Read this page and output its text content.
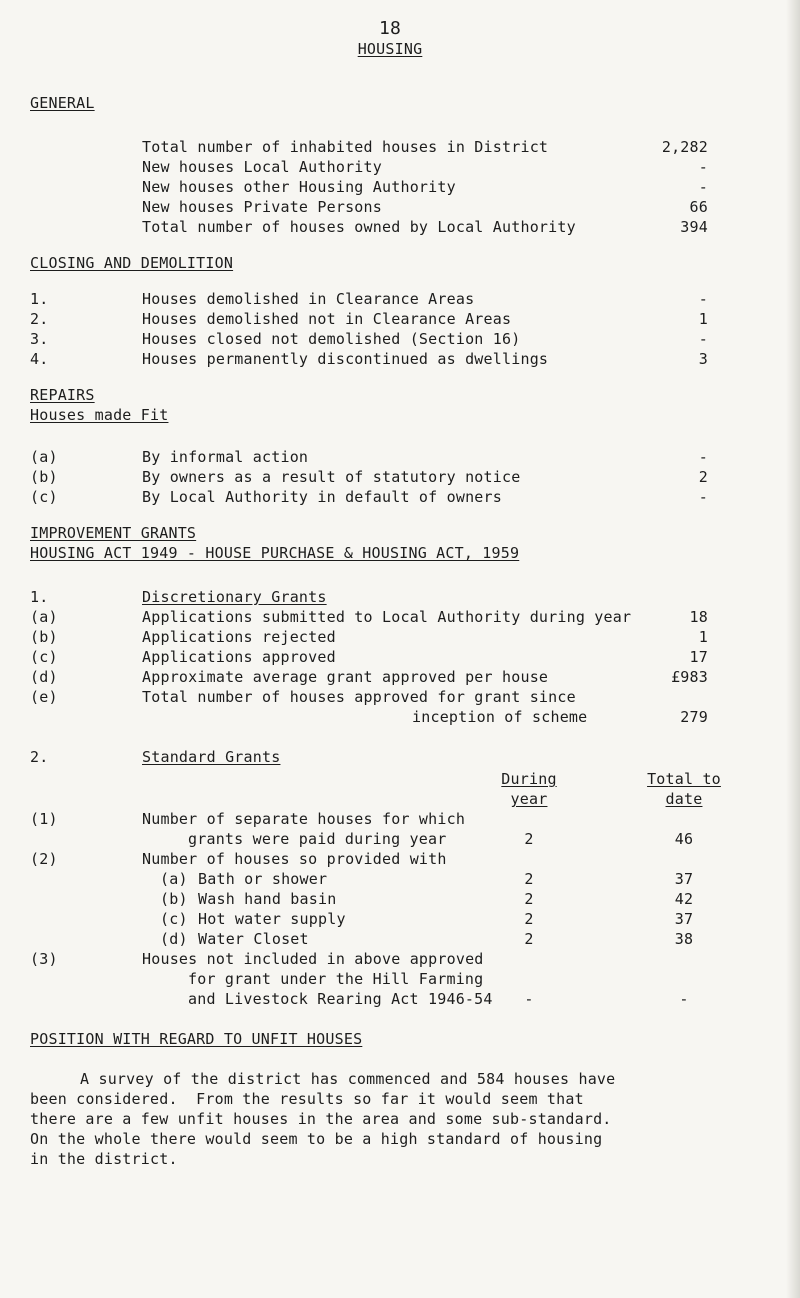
18
HOUSING
GENERAL
Total number of inhabited houses in District	2,282
New houses Local Authority	-
New houses other Housing Authority	-
New houses Private Persons	66
Total number of houses owned by Local Authority	394
CLOSING AND DEMOLITION
1.	Houses demolished in Clearance Areas	-
2.	Houses demolished not in Clearance Areas	1
3.	Houses closed not demolished (Section 16)	-
4.	Houses permanently discontinued as dwellings	3
REPAIRS
Houses made Fit
(a)	By informal action	-
(b)	By owners as a result of statutory notice	2
(c)	By Local Authority in default of owners	-
IMPROVEMENT GRANTS
HOUSING ACT 1949 - HOUSE PURCHASE & HOUSING ACT, 1959
1.	Discretionary Grants
(a)	Applications submitted to Local Authority during year	18
(b)	Applications rejected	1
(c)	Applications approved	17
(d)	Approximate average grant approved per house	£983
(e)	Total number of houses approved for grant since
inception of scheme	279
2.	Standard Grants
During
year
Total to
date
(1)	Number of separate houses for which
grants were paid during year	2	46
(2)	Number of houses so provided with
(a) Bath or shower	2	37
(b) Wash hand basin	2	42
(c) Hot water supply	2	37
(d) Water Closet	2	38
(3)	Houses not included in above approved
for grant under the Hill Farming
and Livestock Rearing Act 1946-54	-	-
POSITION WITH REGARD TO UNFIT HOUSES
A survey of the district has commenced and 584 houses have
been considered.  From the results so far it would seem that
there are a few unfit houses in the area and some sub-standard.
On the whole there would seem to be a high standard of housing
in the district.
